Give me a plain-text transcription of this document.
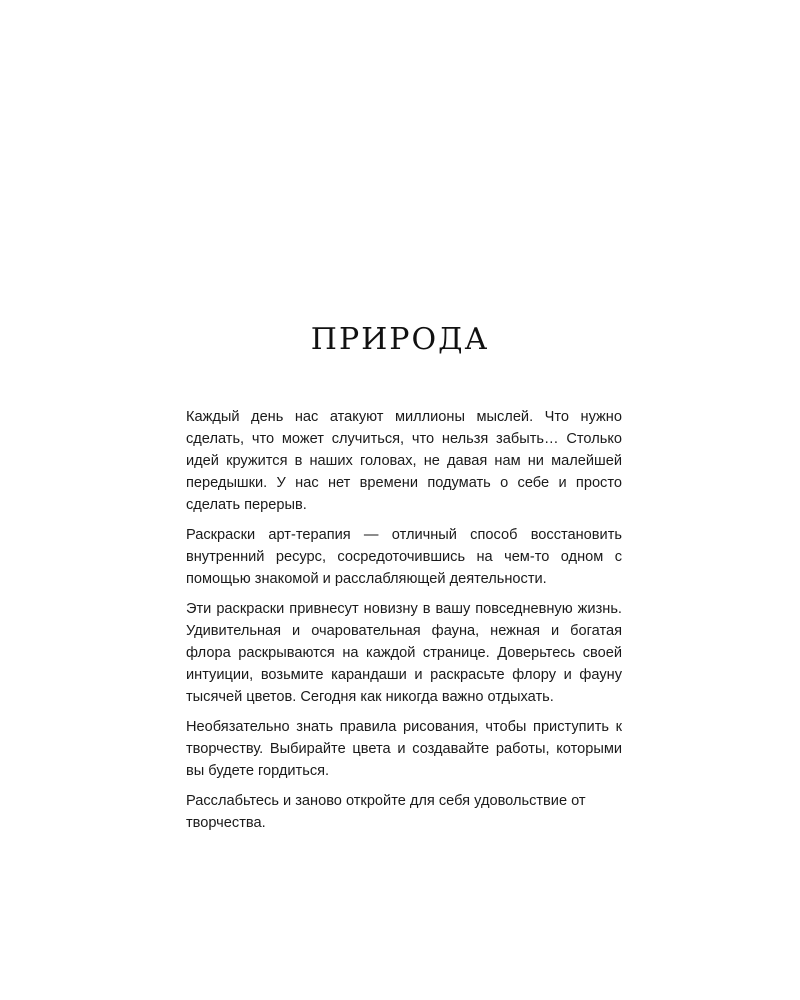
ПРИРОДА

Каждый день нас атакуют миллионы мыслей. Что нужно сделать, что может случиться, что нельзя забыть… Столько идей кружится в наших головах, не давая нам ни малейшей передышки. У нас нет времени подумать о себе и просто сделать перерыв.

Раскраски арт-терапия — отличный способ восстановить внутренний ресурс, сосредоточившись на чем-то одном с помощью знакомой и расслабляющей деятельности.

Эти раскраски привнесут новизну в вашу повседневную жизнь. Удивительная и очаровательная фауна, нежная и богатая флора раскрываются на каждой странице. Доверьтесь своей интуиции, возьмите карандаши и раскрасьте флору и фауну тысячей цветов. Сегодня как никогда важно отдыхать.

Необязательно знать правила рисования, чтобы приступить к творчеству. Выбирайте цвета и создавайте работы, которыми вы будете гордиться.

Расслабьтесь и заново откройте для себя удовольствие от творчества.
